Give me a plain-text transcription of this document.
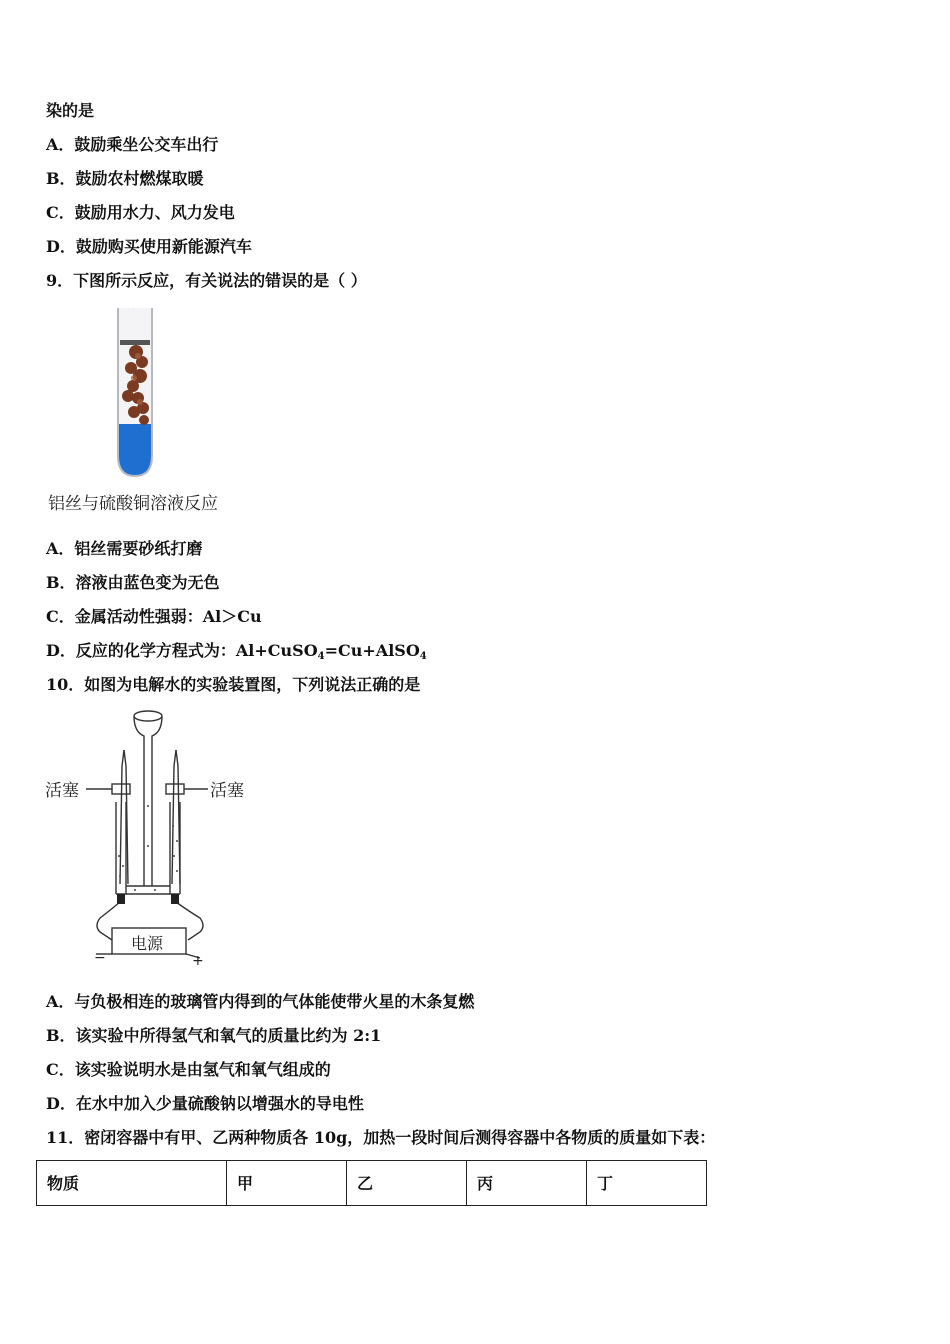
染的是
A．鼓励乘坐公交车出行
B．鼓励农村燃煤取暖
C．鼓励用水力、风力发电
D．鼓励购买使用新能源汽车
9．下图所示反应，有关说法的错误的是（ ）
铝丝与硫酸铜溶液反应
A．铝丝需要砂纸打磨
B．溶液由蓝色变为无色
C．金属活动性强弱：Al＞Cu
D．反应的化学方程式为：Al+CuSO$_4$=Cu+AlSO$_4$
10．如图为电解水的实验装置图，下列说法正确的是
活塞	活塞
电源
−	+
A．与负极相连的玻璃管内得到的气体能使带火星的木条复燃
B．该实验中所得氢气和氧气的质量比约为 2:1
C．该实验说明水是由氢气和氧气组成的
D．在水中加入少量硫酸钠以增强水的导电性
11．密闭容器中有甲、乙两种物质各 10g，加热一段时间后测得容器中各物质的质量如下表：
物质	甲	乙	丙	丁
